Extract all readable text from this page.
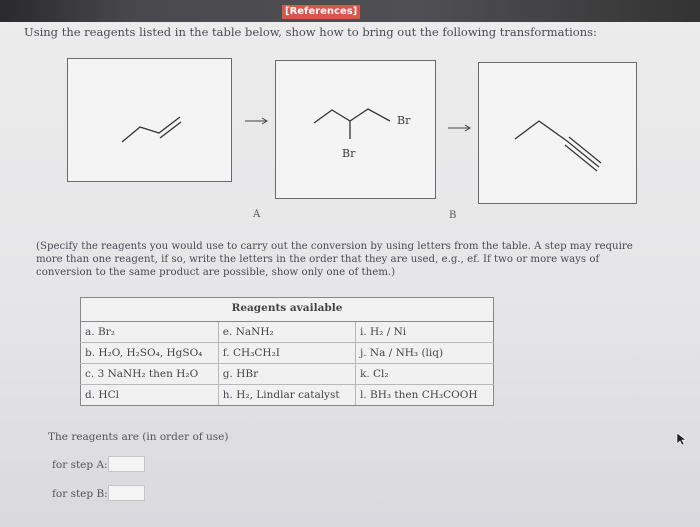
[References]
Using the reagents listed in the table below, show how to bring out the following transformations:
Br
Br
A	B
(Specify the reagents you would use to carry out the conversion by using letters from the table. A step may require more than one reagent, if so, write the letters in the order that they are used, e.g., ef. If two or more ways of conversion to the same product are possible, show only one of them.)
Reagents available		
a. Br₂	e. NaNH₂	i. H₂ / Ni
b. H₂O, H₂SO₄, HgSO₄	f. CH₃CH₂I	j. Na / NH₃ (liq)
c. 3 NaNH₂ then H₂O	g. HBr	k. Cl₂
d. HCl	h. H₂, Lindlar catalyst	l. BH₃ then CH₃COOH
The reagents are (in order of use)
for step A:
for step B:
